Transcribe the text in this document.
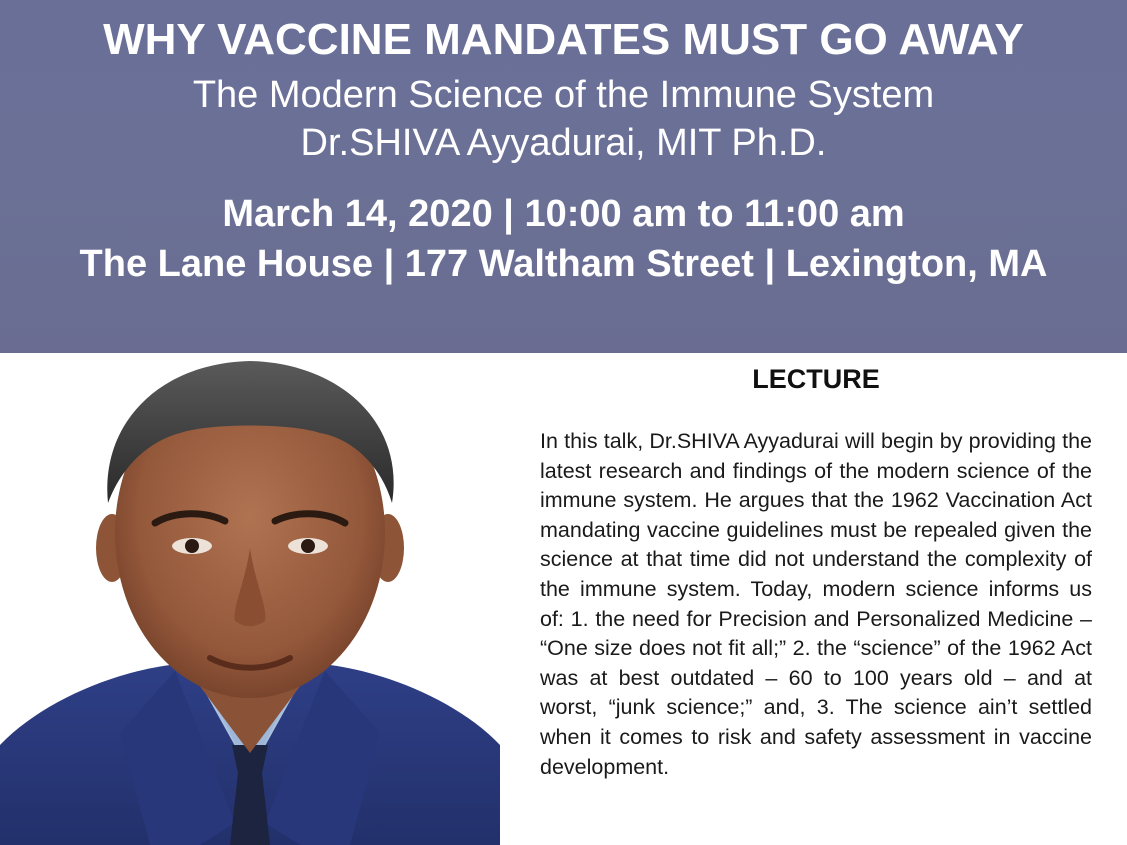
WHY VACCINE MANDATES MUST GO AWAY
The Modern Science of the Immune System
Dr.SHIVA Ayyadurai, MIT Ph.D.
March 14, 2020 | 10:00 am to 11:00 am
The Lane House | 177 Waltham Street | Lexington, MA
LECTURE
In this talk, Dr.SHIVA Ayyadurai will begin by providing the latest research and findings of the modern science of the immune system. He argues that the 1962 Vaccination Act mandating vaccine guidelines must be repealed given the science at that time did not understand the complexity of the immune system. Today, modern science informs us of: 1. the need for Precision and Personalized Medicine – “One size does not fit all;” 2. the “science” of the 1962 Act was at best outdated – 60 to 100 years old – and at worst, “junk science;” and, 3. The science ain’t settled when it comes to risk and safety assessment in vaccine development.
